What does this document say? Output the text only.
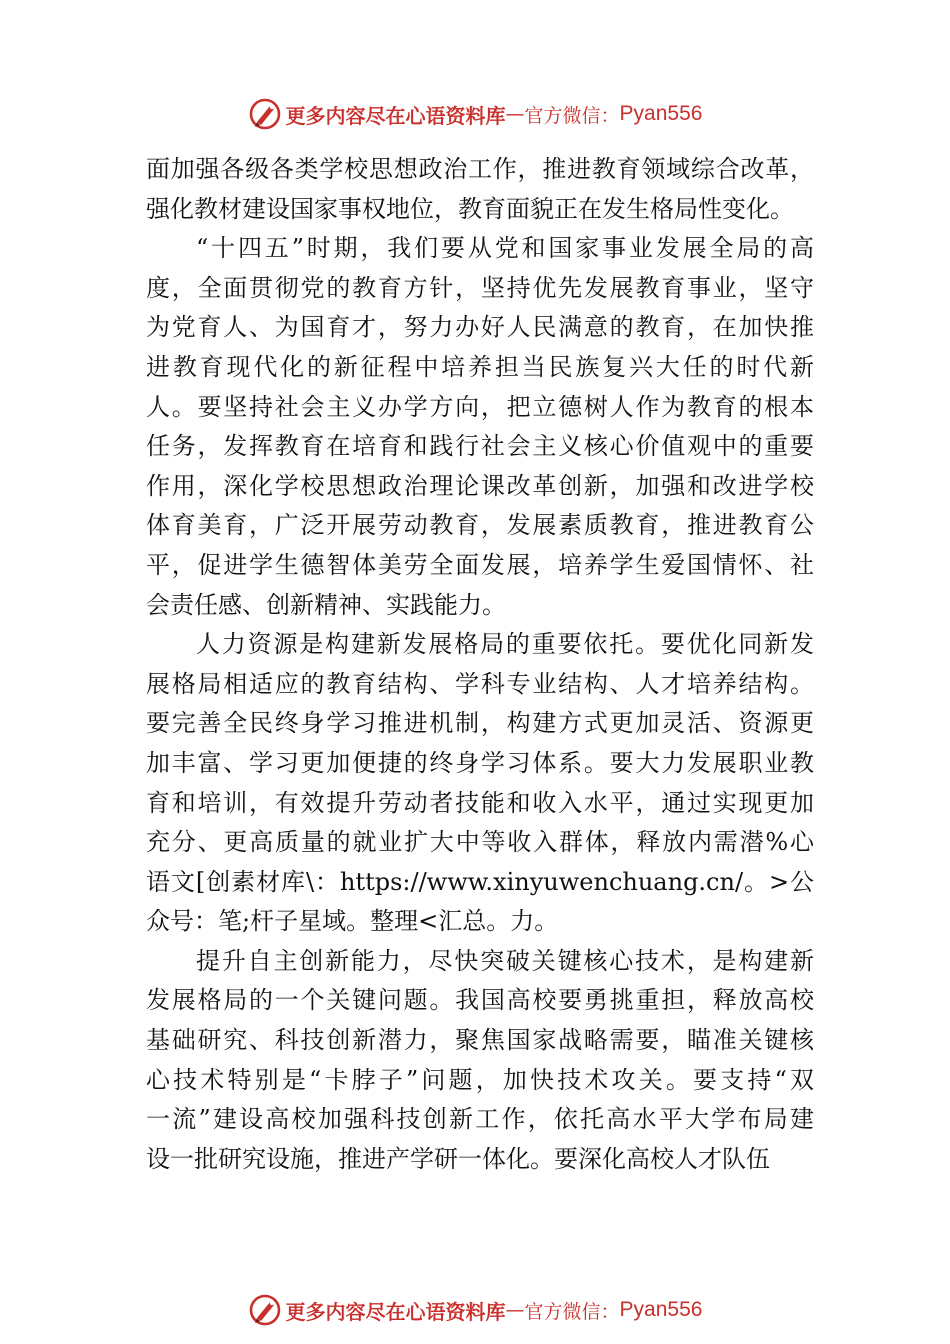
更多内容尽在心语资料库 — 官方微信： Pyan556
面加强各级各类学校思想政治工作，推进教育领域综合改革，
强化教材建设国家事权地位，教育面貌正在发生格局性变化。
“十四五”时期，我们要从党和国家事业发展全局的高
度，全面贯彻党的教育方针，坚持优先发展教育事业，坚守
为党育人、为国育才，努力办好人民满意的教育，在加快推
进教育现代化的新征程中培养担当民族复兴大任的时代新
人。要坚持社会主义办学方向，把立德树人作为教育的根本
任务，发挥教育在培育和践行社会主义核心价值观中的重要
作用，深化学校思想政治理论课改革创新，加强和改进学校
体育美育，广泛开展劳动教育，发展素质教育，推进教育公
平，促进学生德智体美劳全面发展，培养学生爱国情怀、社
会责任感、创新精神、实践能力。
人力资源是构建新发展格局的重要依托。要优化同新发
展格局相适应的教育结构、学科专业结构、人才培养结构。
要完善全民终身学习推进机制，构建方式更加灵活、资源更
加丰富、学习更加便捷的终身学习体系。要大力发展职业教
育和培训，有效提升劳动者技能和收入水平，通过实现更加
充分、更高质量的就业扩大中等收入群体，释放内需潜%心
语文[创素材库\：https://www.xinyuwenchuang.cn/。>公
众号：笔;杆子星域。整理<汇总。力。
提升自主创新能力，尽快突破关键核心技术，是构建新
发展格局的一个关键问题。我国高校要勇挑重担，释放高校
基础研究、科技创新潜力，聚焦国家战略需要，瞄准关键核
心技术特别是“卡脖子”问题，加快技术攻关。要支持“双
一流”建设高校加强科技创新工作，依托高水平大学布局建
设一批研究设施，推进产学研一体化。要深化高校人才队伍
更多内容尽在心语资料库 — 官方微信： Pyan556
